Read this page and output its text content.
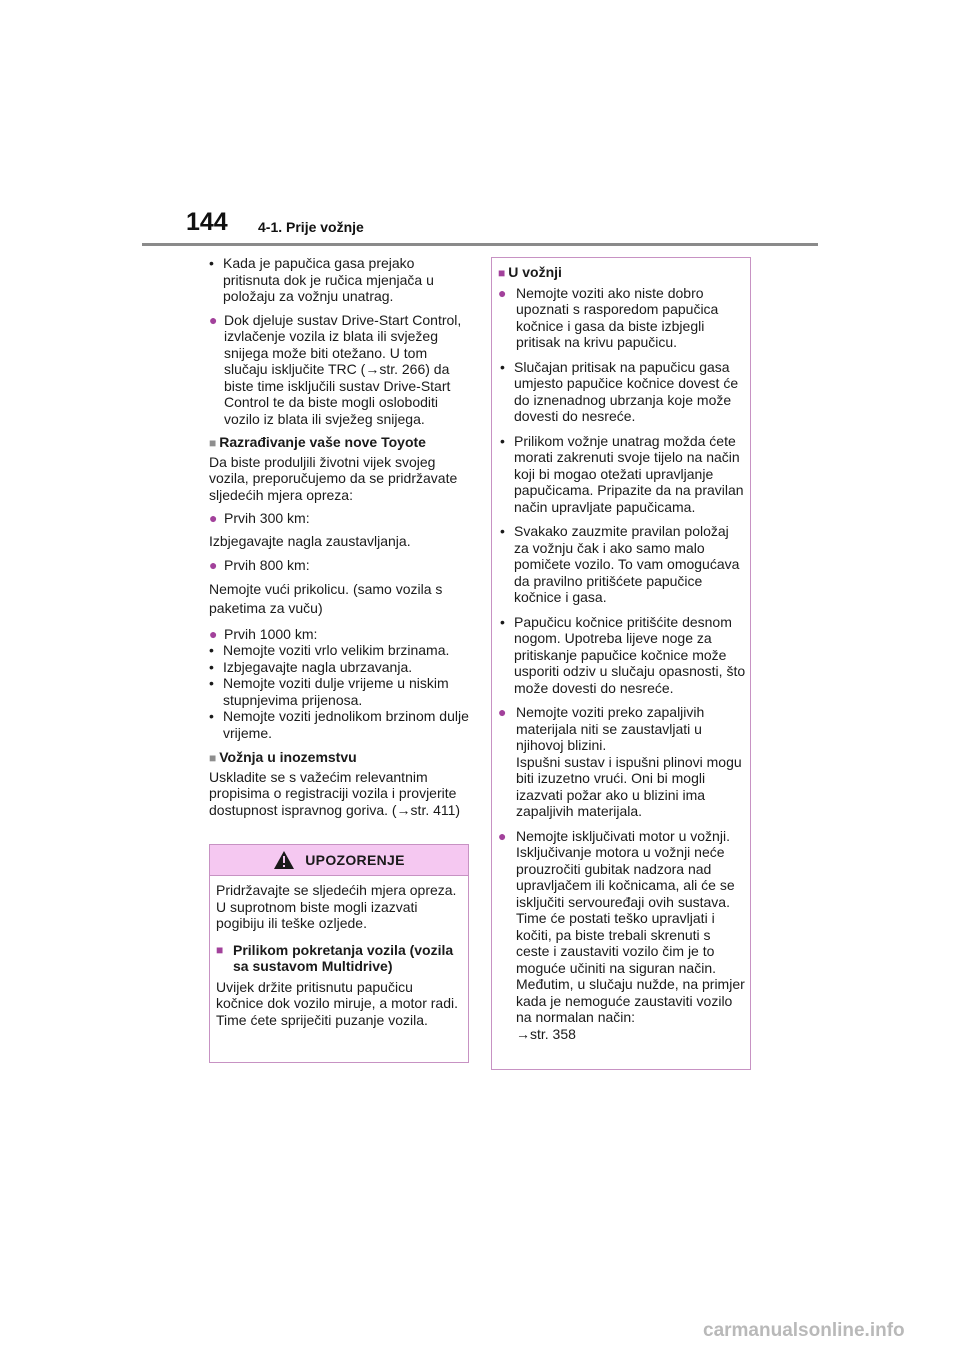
144 4-1. Prije vožnje
• Kada je papučica gasa prejako pritisnuta dok je ručica mjenjača u položaju za vožnju unatrag.
● Dok djeluje sustav Drive-Start Control, izvlačenje vozila iz blata ili svježeg snijega može biti otežano. U tom slučaju isključite TRC (→str. 266) da biste time isključili sustav Drive-Start Control te da biste mogli osloboditi vozilo iz blata ili svježeg snijega.
■ Razrađivanje vaše nove Toyote

Da biste produljili životni vijek svojeg vozila, preporučujemo da se pridržavate sljedećih mjera opreza:

● Prvih 300 km:

Izbjegavajte nagla zaustavljanja.

● Prvih 800 km:

Nemojte vući prikolicu. (samo vozila s paketima za vuču)

● Prvih 1000 km:
• Nemojte voziti vrlo velikim brzinama.
• Izbjegavajte nagla ubrzavanja.
• Nemojte voziti dulje vrijeme u niskim stupnjevima prijenosa.
• Nemojte voziti jednolikom brzinom dulje vrijeme.
■ Vožnja u inozemstvu

Uskladite se s važećim relevantnim propisima o registraciji vozila i provjerite dostupnost ispravnog goriva. (→str. 411)

UPOZORENJE

Pridržavajte se sljedećih mjera opreza.
U suprotnom biste mogli izazvati pogibiju ili teške ozljede.

■ Prilikom pokretanja vozila (vozila sa sustavom Multidrive)

Uvijek držite pritisnutu papučicu kočnice dok vozilo miruje, a motor radi. Time ćete spriječiti puzanje vozila.

■ U vožnji
● Nemojte voziti ako niste dobro upoznati s rasporedom papučica kočnice i gasa da biste izbjegli pritisak na krivu papučicu.
• Slučajan pritisak na papučicu gasa umjesto papučice kočnice dovest će do iznenadnog ubrzanja koje može dovesti do nesreće.
• Prilikom vožnje unatrag možda ćete morati zakrenuti svoje tijelo na način koji bi mogao otežati upravljanje papučicama. Pripazite da na pravilan način upravljate papučicama.
• Svakako zauzmite pravilan položaj za vožnju čak i ako samo malo pomičete vozilo. To vam omogućava da pravilno pritišćete papučice kočnice i gasa.
• Papučicu kočnice pritišćite desnom nogom. Upotreba lijeve noge za pritiskanje papučice kočnice može usporiti odziv u slučaju opasnosti, što može dovesti do nesreće.
● Nemojte voziti preko zapaljivih materijala niti se zaustavljati u njihovoj blizini.
Ispušni sustav i ispušni plinovi mogu biti izuzetno vrući. Oni bi mogli izazvati požar ako u blizini ima zapaljivih materijala.
● Nemojte isključivati motor u vožnji. Isključivanje motora u vožnji neće prouzročiti gubitak nadzora nad upravljačem ili kočnicama, ali će se isključiti servouređaji ovih sustava. Time će postati teško upravljati i kočiti, pa biste trebali skrenuti s ceste i zaustaviti vozilo čim je to moguće učiniti na siguran način. Međutim, u slučaju nužde, na primjer kada je nemoguće zaustaviti vozilo na normalan način:
→str. 358
carmanualsonline.info
